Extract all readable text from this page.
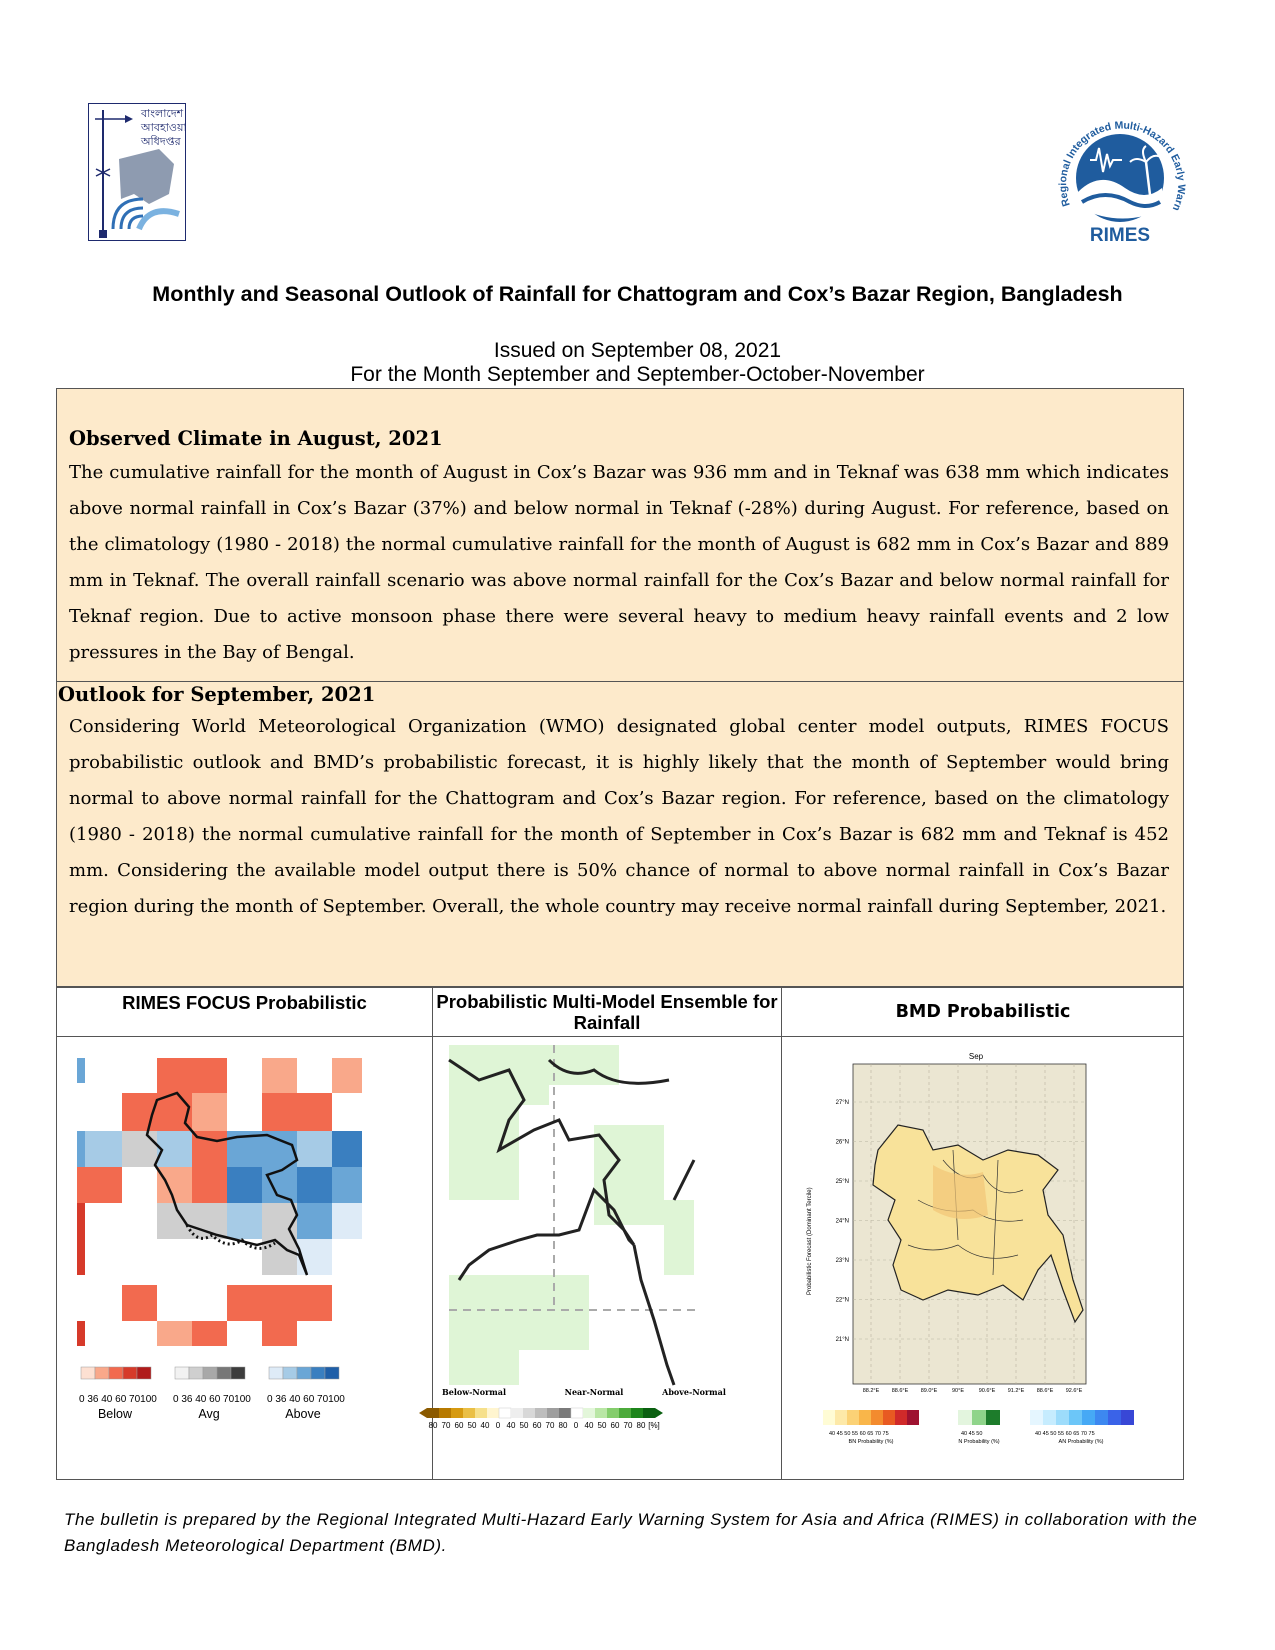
বাংলাদেশ
আবহাওয়া
অধিদপ্তর
Regional Integrated Multi-Hazard Early Warn
RIMES
Monthly and Seasonal Outlook of Rainfall for Chattogram and Cox’s Bazar Region, Bangladesh
Issued on September 08, 2021
For the Month September and September-October-November
Observed Climate in August, 2021
The cumulative rainfall for the month of August in Cox’s Bazar was 936 mm and in Teknaf was 638 mm which indicates above normal rainfall in Cox’s Bazar (37%) and below normal in Teknaf (-28%) during August. For reference, based on the climatology (1980 - 2018) the normal cumulative rainfall for the month of August is 682 mm in Cox’s Bazar and 889 mm in Teknaf. The overall rainfall scenario was above normal rainfall for the Cox’s Bazar and below normal rainfall for Teknaf region. Due to active monsoon phase there were several heavy to medium heavy rainfall events and 2 low pressures in the Bay of Bengal.
Outlook for September, 2021
Considering World Meteorological Organization (WMO) designated global center model outputs, RIMES FOCUS probabilistic outlook and BMD’s probabilistic forecast, it is highly likely that the month of September would bring normal to above normal rainfall for the Chattogram and Cox’s Bazar region. For reference, based on the climatology (1980 - 2018) the normal cumulative rainfall for the month of September in Cox’s Bazar is 682 mm and Teknaf is 452 mm. Considering the available model output there is 50% chance of normal to above normal rainfall in Cox’s Bazar region during the month of September. Overall, the whole country may receive normal rainfall during September, 2021.
RIMES FOCUS Probabilistic	Probabilistic Multi-Model Ensemble for Rainfall
BMD Probabilistic
0 36 40 60 70100 0 36 40 60 70100 0 36 40 60 70100
Below	Avg	Above
Below-Normal	Near-Normal	Above-Normal
80 70 60 50 40 0 40 50 60 70 80 0 40 50 60 70 80 [%]
Sep
Probabilistic Forecast (Dominant Tercile)
27°N
26°N
25°N
24°N
23°N
22°N
21°N
88.2°E 88.6°E 89.0°E	90°E	90.6°E 91.2°E 88.6°E 92.6°E
40 45 50 55 60 65 70 75	40 45 50	40 45 50 55 60 65 70 75
BN Probability (%)	N Probability (%)	AN Probability (%)
The bulletin is prepared by the Regional Integrated Multi-Hazard Early Warning System for Asia and Africa (RIMES) in collaboration with the Bangladesh Meteorological Department (BMD).
